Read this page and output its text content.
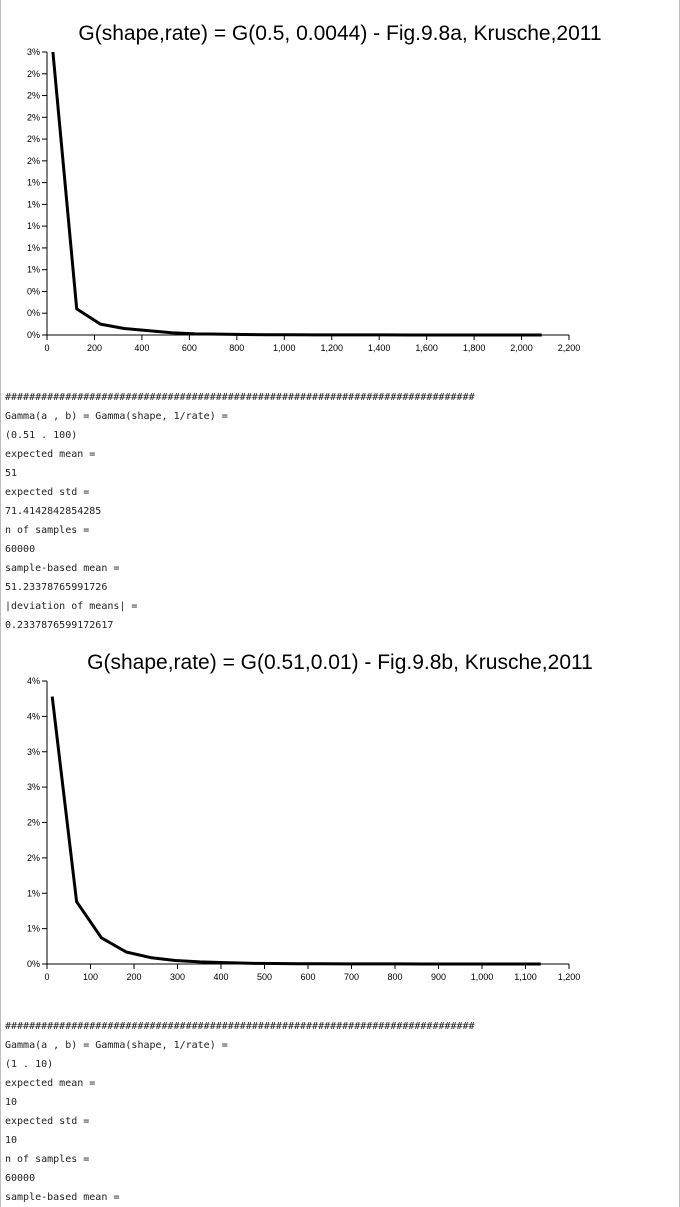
G(shape,rate) = G(0.5, 0.0044) - Fig.9.8a, Krusche,2011
0%
0%
0%
1%
1%
1%
1%
1%
2%
2%
2%
2%
2%
3%
0	200	400	600	800	1,000	1,200	1,400	1,600	1,800	2,000	2,200
##############################################################################
Gamma(a , b) = Gamma(shape, 1/rate) =
(0.51 . 100)
expected mean =
51
expected std =
71.4142842854285
n of samples =
60000
sample-based mean =
51.23378765991726
|deviation of means| =
0.2337876599172617
G(shape,rate) = G(0.51,0.01) - Fig.9.8b, Krusche,2011
0%
1%
1%
2%
2%
3%
3%
4%
4%
0	100	200	300	400	500	600	700	800	900	1,000 1,100 1,200
##############################################################################
Gamma(a , b) = Gamma(shape, 1/rate) =
(1 . 10)
expected mean =
10
expected std =
10
n of samples =
60000
sample-based mean =
